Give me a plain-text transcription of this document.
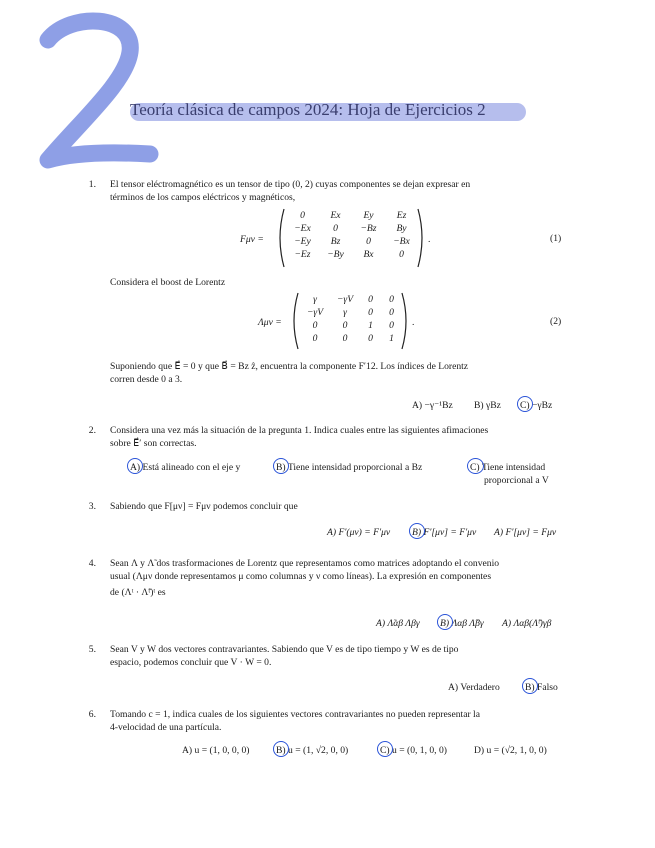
Teoría clásica de campos 2024: Hoja de Ejercicios 2
1. El tensor eléctromagnético es un tensor de tipo (0, 2) cuyas componentes se dejan expresar en
términos de los campos eléctricos y magnéticos,
Fμν =
0	Ex	Ey	Ez
−Ex	0	−Bz	By
−Ey	Bz	0	−Bx
−Ez	−By	Bx	0
.	(1)
Considera el boost de Lorentz
Λμν =
γ	−γV	0	0
−γV	γ	0	0
0	0	1	0
0	0	0	1
.	(2)
Suponiendo que E⃗ = 0 y que B⃗ = Bz ẑ, encuentra la componente F′12. Los índices de Lorentz
corren desde 0 a 3.
A) −γ⁻¹Bz B) γBz C) −γBz
2. Considera una vez más la situación de la pregunta 1. Indica cuales entre las siguientes afimaciones
sobre E⃗′ son correctas.
A) Está alineado con el eje y	B) Tiene intensidad proporcional a Bz	C) Tiene intensidad
proporcional a V
3. Sabiendo que F[μν] = Fμν podemos concluir que
A) F′(μν) = F′μν B) F′[μν] = F′μν A) F′[μν] = Fμν
4. Sean Λ y Λ̃ dos trasformaciones de Lorentz que representamos como matrices adoptando el convenio
usual (Λμν donde representamos μ como columnas y ν como líneas). La expresión en componentes
de (Λᵗ · Λ̃ᵗ)ᵗ es
A) Λ̃αβ Λβγ B) Λαβ Λ̃βγ A) Λαβ(Λ̃ᵗ)γβ
5. Sean V y W dos vectores contravariantes. Sabiendo que V es de tipo tiempo y W es de tipo
espacio, podemos concluir que V · W = 0.
A) Verdadero	B) Falso
6. Tomando c = 1, indica cuales de los siguientes vectores contravariantes no pueden representar la
4-velocidad de una partícula.
A) u = (1, 0, 0, 0)	B) u = (1, √2, 0, 0)	C) u = (0, 1, 0, 0)	D) u = (√2, 1, 0, 0)
